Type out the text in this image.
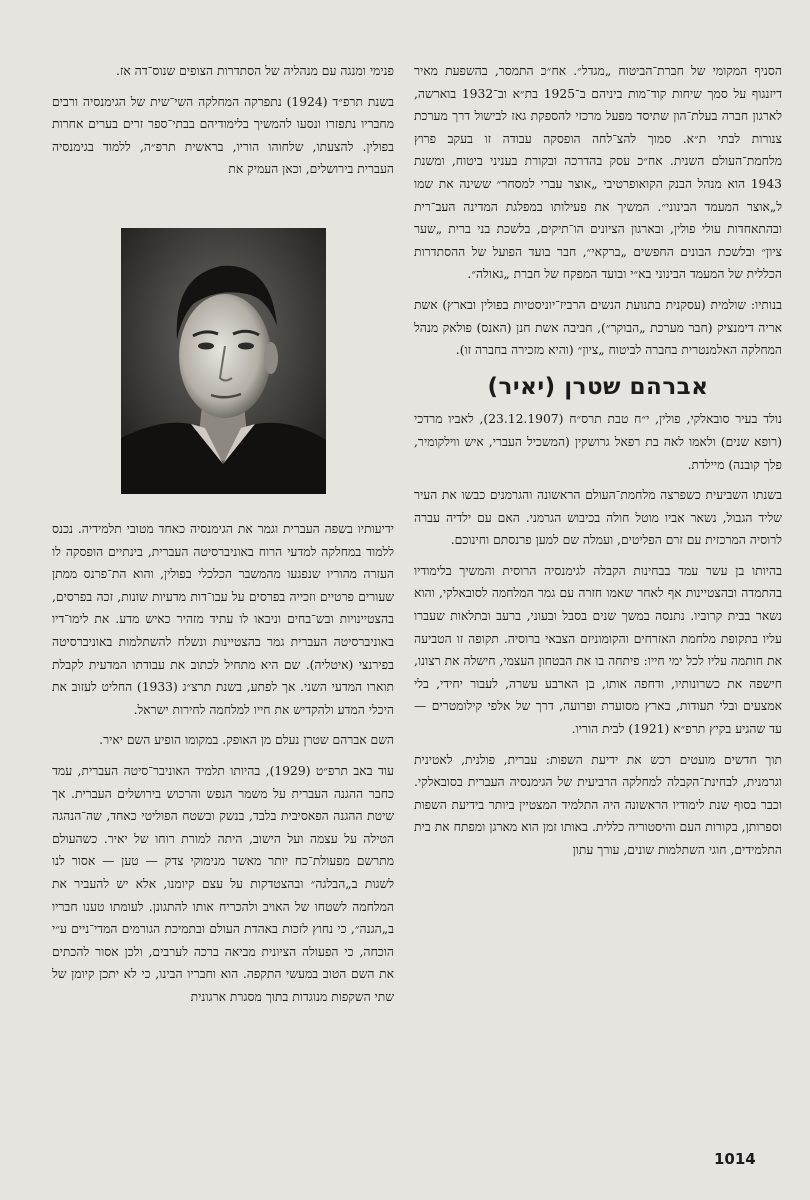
הסניף המקומי של חברת־הביטוח „מגדל״. אח״כ התמסר, בהשפעת מאיר דיזנגוף על סמך שיחות קוד־מות ביניהם ב־1925 בת״א וב־1932 בוארשה, לארגון חברה בעלת־הון שתיסד מפעל מרכזי להספקת גאז לבישול דרך מערכת צנורות לבתי ת״א. סמוך להצ־לחה הופסקה עבודה זו בעקב פרוץ מלחמת־העולם השנית. אח״כ עסק בהדרכה ובקורת בעניני ביטוח, ומשנת 1943 הוא מנהל הבנק הקואופרטיבי „אוצר עברי למסחר״ ששינה את שמו ל„אוצר המעמד הבינוני״. המשיך את פעילותו במפלגת המדינה העב־רית ובהתאחדות עולי פולין, ובארגון הציונים הו־תיקים, בלשכת בני ברית „שער ציון״ ובלשכת הבונים החפשים „ברקאי״, חבר בועד הפועל של ההסתדרות הכללית של המעמד הבינוני בא״י ובועד המפקח של חברת „גאולה״.

בנותיו: שולמית (עסקנית בתנועת הנשים הרביז־יוניסטיות בפולין ובארץ) אשת אריה דימנציק (חבר מערכת „הבוקר״), חביבה אשת חנן (האנס) פולאק מנהל המחלקה האלמנטרית בחברה לביטוח „ציון״ (והיא מזכירה בחברה זו).

אברהם שטרן (יאיר)

נולד בעיר סובאלקי, פולין, י״ח טבת תרס״ח (23.12.1907), לאביו מרדכי (רופא שנים) ולאמו לאה בת רפאל גרושקין (המשכיל העברי, איש ווילקומיר, פלך קובנה) מיילדת.

בשנתו השביעית כשפרצה מלחמת־העולם הראשונה והגרמנים כבשו את העיר שליד הגבול, נשאר אביו מוטל חולה בכיבוש הגרמני. האם עם ילדיה עברה לרוסיה המרכזית עם זרם הפליטים, ועמלה שם למען פרנסתם וחינוכם.

בהיותו בן עשר עמד בבחינות הקבלה לגימנסיה הרוסית והמשיך בלימודיו בהתמדה ובהצטיינות אף לאחר שאמו חזרה עם גמר המלחמה לסובאלקי, והוא נשאר בבית קרוביו. נתנסה במשך שנים בסבל ובעוני, ברעב ובתלאות שעברו עליו בתקופת מלחמת האזרחים והקומוניזם הצבאי ברוסיה. תקופה זו הטביעה את חותמה עליו לכל ימי חייו: פיתחה בו את הבטחון העצמי, חישלה את רצונו, חישפה את כשרונותיו, ודחפה אותו, בן הארבע עשרה, לעבור יחידי, בלי אמצעים ובלי תעודות, בארץ מסוערת ופרועה, דרך של אלפי קילומטרים — עד שהגיע בקיץ תרפ״א (1921) לבית הוריו.

תוך חדשים מועטים רכש את ידיעת השפות: עברית, פולנית, לאטינית וגרמנית, לבחינת־הקבלה למחלקה הרביעית של הגימנסיה העברית בסובאלקי. וכבר בסוף שנת לימודיו הראשונה היה התלמיד המצטיין ביותר בידיעת השפות וספרותן, בקורות העם והיסטוריה כללית. באותו זמן הוא מארגן ומפתח את בית התלמידים, חוגי השתלמות שונים, עורך עתון

פנימי ומנגה עם מנהליה של הסתדרות הצופים שנוס־דה אז.

בשנת תרפ״ד (1924) נתפרקה המחלקה השי־שית של הגימנסיה ורבים מחבריו נתפזרו ונסעו להמשיך בלימודיהם בבתי־ספר זרים בערים אחרות בפולין. להצעתו, שלחוהו הוריו, בראשית תרפ״ה, ללמוד בגימנסיה העברית בירושלים, וכאן העמיק את

ידיעותיו בשפה העברית וגמר את הגימנסיה כאחד מטובי תלמידיה. נכנס ללמוד במחלקה למדעי הרוח באוניברסיטה העברית, בינתיים הופסקה לו העזרה מהוריו שנפגעו מהמשבר הכלכלי בפולין, והוא הת־פרנס ממתן שעורים פרטיים וזכייה בפרסים על עבו־דות מדעיות שונות, זכה בפרסים, בהצטיינויות ובש־בחים וניבאו לו עתיד מזהיר כאיש מדע. את לימו־דיו באוניברסיטה העברית גמר בהצטיינות ונשלח להשתלמות באוניברסיטה בפירנצי (איטליה). שם היא מתחיל לכתוב את עבודתו המדעית לקבלת תוארו המדעי השני. אך לפתע, בשנת תרצ״ג (1933) החליט לעזוב את היכלי המדע ולהקדיש את חייו למלחמה לחירות ישראל.

השם אברהם שטרן נעלם מן האופק. במקומו הופיע השם יאיר.

עוד באב תרפ״ט (1929), בהיותו תלמיד האוניבר־סיטה העברית, עמד כחבר ההגנה העברית על משמר הנפש והרכוש בירושלים העברית. אך שיטת ההגנה הפאסיבית בלבד, בנשק ובשטח הפוליטי כאחד, שה־הנהגה הטילה על עצמה ועל הישוב, היתה למורת רוחו של יאיר. כשהעולם מתרשם מפעולת־כח יותר מאשר מנימוקי צדק — טען — אסור לנו לשגות ב„הבלגה״ ובהצטדקות על עצם קיומנו, אלא יש להעביר את המלחמה לשטחו של האויב ולהכריח אותו להתגונן. לעומתו טענו חבריו ב„הגנה״, כי נחוץ לזכות באהדת העולם ובתמיכת הגורמים המדי־ניים ע״י הוכחה, כי הפעולה הציונית מביאה ברכה לערבים, ולכן אסור להכתים את השם הטוב במעשי התקפה. הוא וחבריו הבינו, כי לא יתכן קיומן של שתי השקפות מנוגדות בתוך מסגרת ארגונית

1014
